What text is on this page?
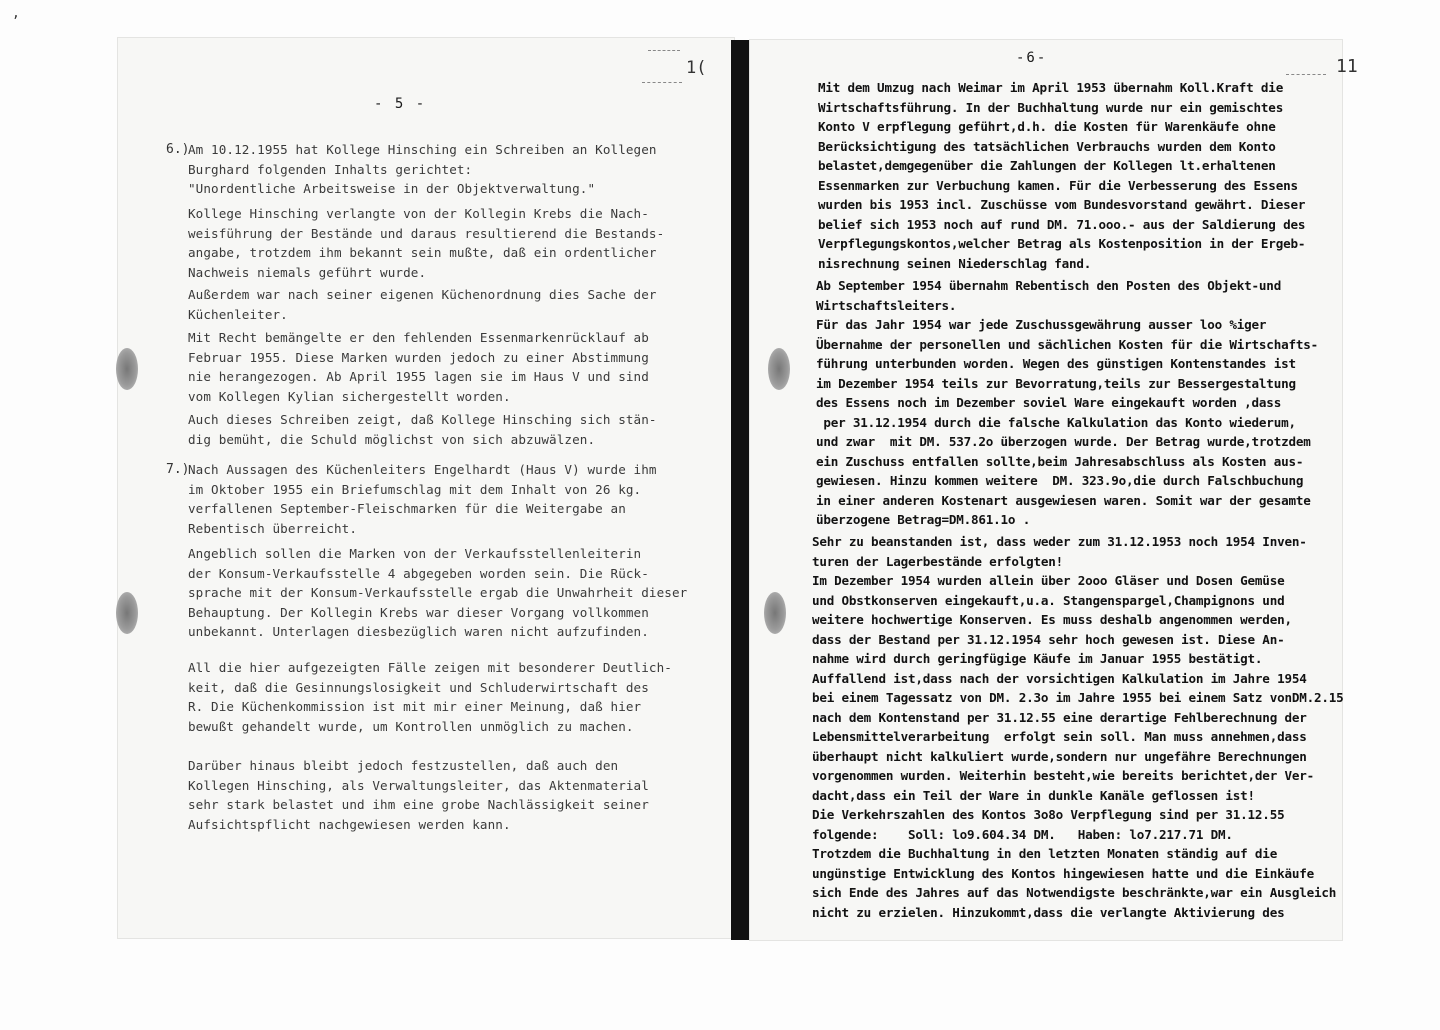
,
1(
- 5 -
6.)
Am 10.12.1955 hat Kollege Hinsching ein Schreiben an Kollegen
Burghard folgenden Inhalts gerichtet:
"Unordentliche Arbeitsweise in der Objektverwaltung."
Kollege Hinsching verlangte von der Kollegin Krebs die Nach-
weisführung der Bestände und daraus resultierend die Bestands-
angabe, trotzdem ihm bekannt sein mußte, daß ein ordentlicher
Nachweis niemals geführt wurde.
Außerdem war nach seiner eigenen Küchenordnung dies Sache der
Küchenleiter.
Mit Recht bemängelte er den fehlenden Essenmarkenrücklauf ab
Februar 1955. Diese Marken wurden jedoch zu einer Abstimmung
nie herangezogen. Ab April 1955 lagen sie im Haus V und sind
vom Kollegen Kylian sichergestellt worden.
Auch dieses Schreiben zeigt, daß Kollege Hinsching sich stän-
dig bemüht, die Schuld möglichst von sich abzuwälzen.
7.)
Nach Aussagen des Küchenleiters Engelhardt (Haus V) wurde ihm
im Oktober 1955 ein Briefumschlag mit dem Inhalt von 26 kg.
verfallenen September-Fleischmarken für die Weitergabe an
Rebentisch überreicht.
Angeblich sollen die Marken von der Verkaufsstellenleiterin
der Konsum-Verkaufsstelle 4 abgegeben worden sein. Die Rück-
sprache mit der Konsum-Verkaufsstelle ergab die Unwahrheit dieser
Behauptung. Der Kollegin Krebs war dieser Vorgang vollkommen
unbekannt. Unterlagen diesbezüglich waren nicht aufzufinden.
All die hier aufgezeigten Fälle zeigen mit besonderer Deutlich-
keit, daß die Gesinnungslosigkeit und Schluderwirtschaft des
R. Die Küchenkommission ist mit mir einer Meinung, daß hier
bewußt gehandelt wurde, um Kontrollen unmöglich zu machen.
Darüber hinaus bleibt jedoch festzustellen, daß auch den
Kollegen Hinsching, als Verwaltungsleiter, das Aktenmaterial
sehr stark belastet und ihm eine grobe Nachlässigkeit seiner
Aufsichtspflicht nachgewiesen werden kann.
-6-	11
Mit dem Umzug nach Weimar im April 1953 übernahm Koll.Kraft die
Wirtschaftsführung. In der Buchhaltung wurde nur ein gemischtes
Konto V erpflegung geführt,d.h. die Kosten für Warenkäufe ohne
Berücksichtigung des tatsächlichen Verbrauchs wurden dem Konto
belastet,demgegenüber die Zahlungen der Kollegen lt.erhaltenen
Essenmarken zur Verbuchung kamen. Für die Verbesserung des Essens
wurden bis 1953 incl. Zuschüsse vom Bundesvorstand gewährt. Dieser
belief sich 1953 noch auf rund DM. 71.ooo.- aus der Saldierung des
Verpflegungskontos,welcher Betrag als Kostenposition in der Ergeb-
nisrechnung seinen Niederschlag fand.
Ab September 1954 übernahm Rebentisch den Posten des Objekt-und
Wirtschaftsleiters.
Für das Jahr 1954 war jede Zuschussgewährung ausser loo %iger
Übernahme der personellen und sächlichen Kosten für die Wirtschafts-
führung unterbunden worden. Wegen des günstigen Kontenstandes ist
im Dezember 1954 teils zur Bevorratung,teils zur Bessergestaltung
des Essens noch im Dezember soviel Ware eingekauft worden ,dass
per 31.12.1954 durch die falsche Kalkulation das Konto wiederum,
und zwar  mit DM. 537.2o überzogen wurde. Der Betrag wurde,trotzdem
ein Zuschuss entfallen sollte,beim Jahresabschluss als Kosten aus-
gewiesen. Hinzu kommen weitere  DM. 323.9o,die durch Falschbuchung
in einer anderen Kostenart ausgewiesen waren. Somit war der gesamte
überzogene Betrag=DM.861.1o .
Sehr zu beanstanden ist, dass weder zum 31.12.1953 noch 1954 Inven-
turen der Lagerbestände erfolgten!
Im Dezember 1954 wurden allein über 2ooo Gläser und Dosen Gemüse
und Obstkonserven eingekauft,u.a. Stangenspargel,Champignons und
weitere hochwertige Konserven. Es muss deshalb angenommen werden,
dass der Bestand per 31.12.1954 sehr hoch gewesen ist. Diese An-
nahme wird durch geringfügige Käufe im Januar 1955 bestätigt.
Auffallend ist,dass nach der vorsichtigen Kalkulation im Jahre 1954
bei einem Tagessatz von DM. 2.3o im Jahre 1955 bei einem Satz vonDM.2.15
nach dem Kontenstand per 31.12.55 eine derartige Fehlberechnung der
Lebensmittelverarbeitung  erfolgt sein soll. Man muss annehmen,dass
überhaupt nicht kalkuliert wurde,sondern nur ungefähre Berechnungen
vorgenommen wurden. Weiterhin besteht,wie bereits berichtet,der Ver-
dacht,dass ein Teil der Ware in dunkle Kanäle geflossen ist!
Die Verkehrszahlen des Kontos 3o8o Verpflegung sind per 31.12.55
folgende:    Soll: lo9.604.34 DM.   Haben: lo7.217.71 DM.
Trotzdem die Buchhaltung in den letzten Monaten ständig auf die
ungünstige Entwicklung des Kontos hingewiesen hatte und die Einkäufe
sich Ende des Jahres auf das Notwendigste beschränkte,war ein Ausgleich
nicht zu erzielen. Hinzukommt,dass die verlangte Aktivierung des
